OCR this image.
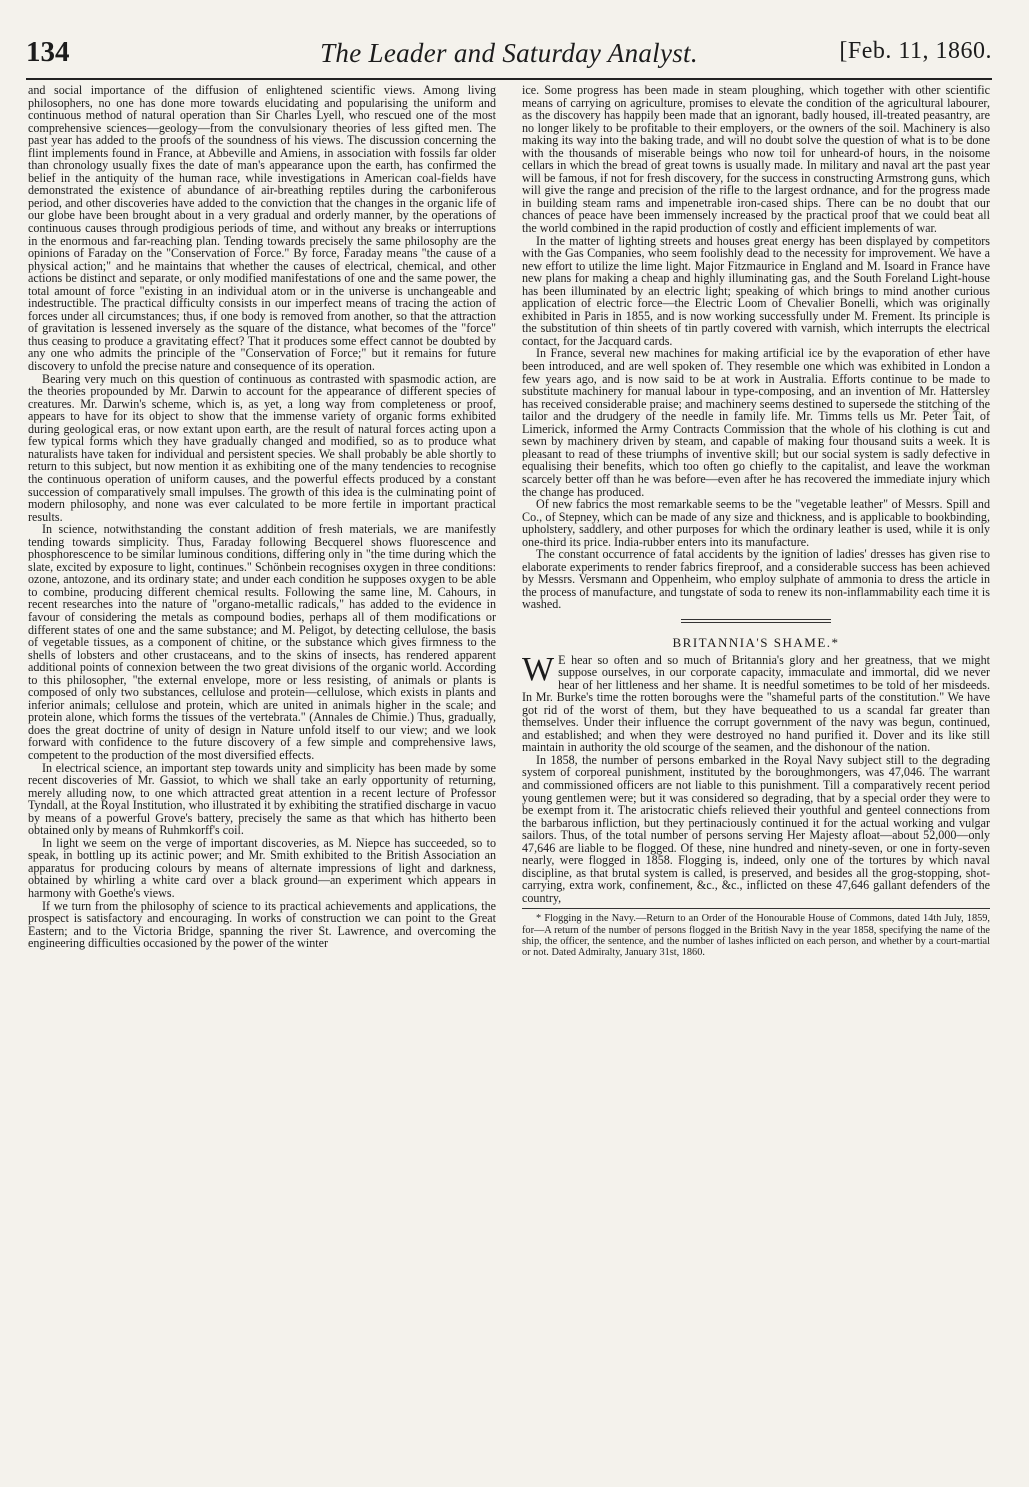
134	The Leader and Saturday Analyst.	[Feb. 11, 1860.

and social importance of the diffusion of enlightened scientific views. Among living philosophers, no one has done more towards elucidating and popularising the uniform and continuous method of natural operation than Sir Charles Lyell, who rescued one of the most comprehensive sciences—geology—from the convulsionary theories of less gifted men. The past year has added to the proofs of the soundness of his views. The discussion concerning the flint implements found in France, at Abbeville and Amiens, in association with fossils far older than chronology usually fixes the date of man's appearance upon the earth, has confirmed the belief in the antiquity of the human race, while investigations in American coal-fields have demonstrated the existence of abundance of air-breathing reptiles during the carboniferous period, and other discoveries have added to the conviction that the changes in the organic life of our globe have been brought about in a very gradual and orderly manner, by the operations of continuous causes through prodigious periods of time, and without any breaks or interruptions in the enormous and far-reaching plan. Tending towards precisely the same philosophy are the opinions of Faraday on the "Conservation of Force." By force, Faraday means "the cause of a physical action;" and he maintains that whether the causes of electrical, chemical, and other actions be distinct and separate, or only modified manifestations of one and the same power, the total amount of force "existing in an individual atom or in the universe is unchangeable and indestructible. The practical difficulty consists in our imperfect means of tracing the action of forces under all circumstances; thus, if one body is removed from another, so that the attraction of gravitation is lessened inversely as the square of the distance, what becomes of the "force" thus ceasing to produce a gravitating effect? That it produces some effect cannot be doubted by any one who admits the principle of the "Conservation of Force;" but it remains for future discovery to unfold the precise nature and consequence of its operation.

Bearing very much on this question of continuous as contrasted with spasmodic action, are the theories propounded by Mr. Darwin to account for the appearance of different species of creatures. Mr. Darwin's scheme, which is, as yet, a long way from completeness or proof, appears to have for its object to show that the immense variety of organic forms exhibited during geological eras, or now extant upon earth, are the result of natural forces acting upon a few typical forms which they have gradually changed and modified, so as to produce what naturalists have taken for individual and persistent species. We shall probably be able shortly to return to this subject, but now mention it as exhibiting one of the many tendencies to recognise the continuous operation of uniform causes, and the powerful effects produced by a constant succession of comparatively small impulses. The growth of this idea is the culminating point of modern philosophy, and none was ever calculated to be more fertile in important practical results.

In science, notwithstanding the constant addition of fresh materials, we are manifestly tending towards simplicity. Thus, Faraday following Becquerel shows fluorescence and phosphorescence to be similar luminous conditions, differing only in "the time during which the slate, excited by exposure to light, continues." Schönbein recognises oxygen in three conditions: ozone, antozone, and its ordinary state; and under each condition he supposes oxygen to be able to combine, producing different chemical results. Following the same line, M. Cahours, in recent researches into the nature of "organo-metallic radicals," has added to the evidence in favour of considering the metals as compound bodies, perhaps all of them modifications or different states of one and the same substance; and M. Peligot, by detecting cellulose, the basis of vegetable tissues, as a component of chitine, or the substance which gives firmness to the shells of lobsters and other crustaceans, and to the skins of insects, has rendered apparent additional points of connexion between the two great divisions of the organic world. According to this philosopher, "the external envelope, more or less resisting, of animals or plants is composed of only two substances, cellulose and protein—cellulose, which exists in plants and inferior animals; cellulose and protein, which are united in animals higher in the scale; and protein alone, which forms the tissues of the vertebrata." (Annales de Chimie.) Thus, gradually, does the great doctrine of unity of design in Nature unfold itself to our view; and we look forward with confidence to the future discovery of a few simple and comprehensive laws, competent to the production of the most diversified effects.

In electrical science, an important step towards unity and simplicity has been made by some recent discoveries of Mr. Gassiot, to which we shall take an early opportunity of returning, merely alluding now, to one which attracted great attention in a recent lecture of Professor Tyndall, at the Royal Institution, who illustrated it by exhibiting the stratified discharge in vacuo by means of a powerful Grove's battery, precisely the same as that which has hitherto been obtained only by means of Ruhmkorff's coil.

In light we seem on the verge of important discoveries, as M. Niepce has succeeded, so to speak, in bottling up its actinic power; and Mr. Smith exhibited to the British Association an apparatus for producing colours by means of alternate impressions of light and darkness, obtained by whirling a white card over a black ground—an experiment which appears in harmony with Goethe's views.

If we turn from the philosophy of science to its practical achievements and applications, the prospect is satisfactory and encouraging. In works of construction we can point to the Great Eastern; and to the Victoria Bridge, spanning the river St. Lawrence, and overcoming the engineering difficulties occasioned by the power of the winter

ice. Some progress has been made in steam ploughing, which together with other scientific means of carrying on agriculture, promises to elevate the condition of the agricultural labourer, as the discovery has happily been made that an ignorant, badly housed, ill-treated peasantry, are no longer likely to be profitable to their employers, or the owners of the soil. Machinery is also making its way into the baking trade, and will no doubt solve the question of what is to be done with the thousands of miserable beings who now toil for unheard-of hours, in the noisome cellars in which the bread of great towns is usually made. In military and naval art the past year will be famous, if not for fresh discovery, for the success in constructing Armstrong guns, which will give the range and precision of the rifle to the largest ordnance, and for the progress made in building steam rams and impenetrable iron-cased ships. There can be no doubt that our chances of peace have been immensely increased by the practical proof that we could beat all the world combined in the rapid production of costly and efficient implements of war.

In the matter of lighting streets and houses great energy has been displayed by competitors with the Gas Companies, who seem foolishly dead to the necessity for improvement. We have a new effort to utilize the lime light. Major Fitzmaurice in England and M. Isoard in France have new plans for making a cheap and highly illuminating gas, and the South Foreland Light-house has been illuminated by an electric light; speaking of which brings to mind another curious application of electric force—the Electric Loom of Chevalier Bonelli, which was originally exhibited in Paris in 1855, and is now working successfully under M. Frement. Its principle is the substitution of thin sheets of tin partly covered with varnish, which interrupts the electrical contact, for the Jacquard cards.

In France, several new machines for making artificial ice by the evaporation of ether have been introduced, and are well spoken of. They resemble one which was exhibited in London a few years ago, and is now said to be at work in Australia. Efforts continue to be made to substitute machinery for manual labour in type-composing, and an invention of Mr. Hattersley has received considerable praise; and machinery seems destined to supersede the stitching of the tailor and the drudgery of the needle in family life. Mr. Timms tells us Mr. Peter Tait, of Limerick, informed the Army Contracts Commission that the whole of his clothing is cut and sewn by machinery driven by steam, and capable of making four thousand suits a week. It is pleasant to read of these triumphs of inventive skill; but our social system is sadly defective in equalising their benefits, which too often go chiefly to the capitalist, and leave the workman scarcely better off than he was before—even after he has recovered the immediate injury which the change has produced.

Of new fabrics the most remarkable seems to be the "vegetable leather" of Messrs. Spill and Co., of Stepney, which can be made of any size and thickness, and is applicable to bookbinding, upholstery, saddlery, and other purposes for which the ordinary leather is used, while it is only one-third its price. India-rubber enters into its manufacture.

The constant occurrence of fatal accidents by the ignition of ladies' dresses has given rise to elaborate experiments to render fabrics fireproof, and a considerable success has been achieved by Messrs. Versmann and Oppenheim, who employ sulphate of ammonia to dress the article in the process of manufacture, and tungstate of soda to renew its non-inflammability each time it is washed.

BRITANNIA'S SHAME.*

W E hear so often and so much of Britannia's glory and her greatness, that we might suppose ourselves, in our corporate capacity, immaculate and immortal, did we never hear of her littleness and her shame. It is needful sometimes to be told of her misdeeds. In Mr. Burke's time the rotten boroughs were the "shameful parts of the constitution." We have got rid of the worst of them, but they have bequeathed to us a scandal far greater than themselves. Under their influence the corrupt government of the navy was begun, continued, and established; and when they were destroyed no hand purified it. Dover and its like still maintain in authority the old scourge of the seamen, and the dishonour of the nation.

In 1858, the number of persons embarked in the Royal Navy subject still to the degrading system of corporeal punishment, instituted by the boroughmongers, was 47,046. The warrant and commissioned officers are not liable to this punishment. Till a comparatively recent period young gentlemen were; but it was considered so degrading, that by a special order they were to be exempt from it. The aristocratic chiefs relieved their youthful and genteel connections from the barbarous infliction, but they pertinaciously continued it for the actual working and vulgar sailors. Thus, of the total number of persons serving Her Majesty afloat—about 52,000—only 47,646 are liable to be flogged. Of these, nine hundred and ninety-seven, or one in forty-seven nearly, were flogged in 1858. Flogging is, indeed, only one of the tortures by which naval discipline, as that brutal system is called, is preserved, and besides all the grog-stopping, shot-carrying, extra work, confinement, &c., &c., inflicted on these 47,646 gallant defenders of the country,

* Flogging in the Navy.—Return to an Order of the Honourable House of Commons, dated 14th July, 1859, for—A return of the number of persons flogged in the British Navy in the year 1858, specifying the name of the ship, the officer, the sentence, and the number of lashes inflicted on each person, and whether by a court-martial or not. Dated Admiralty, January 31st, 1860.
